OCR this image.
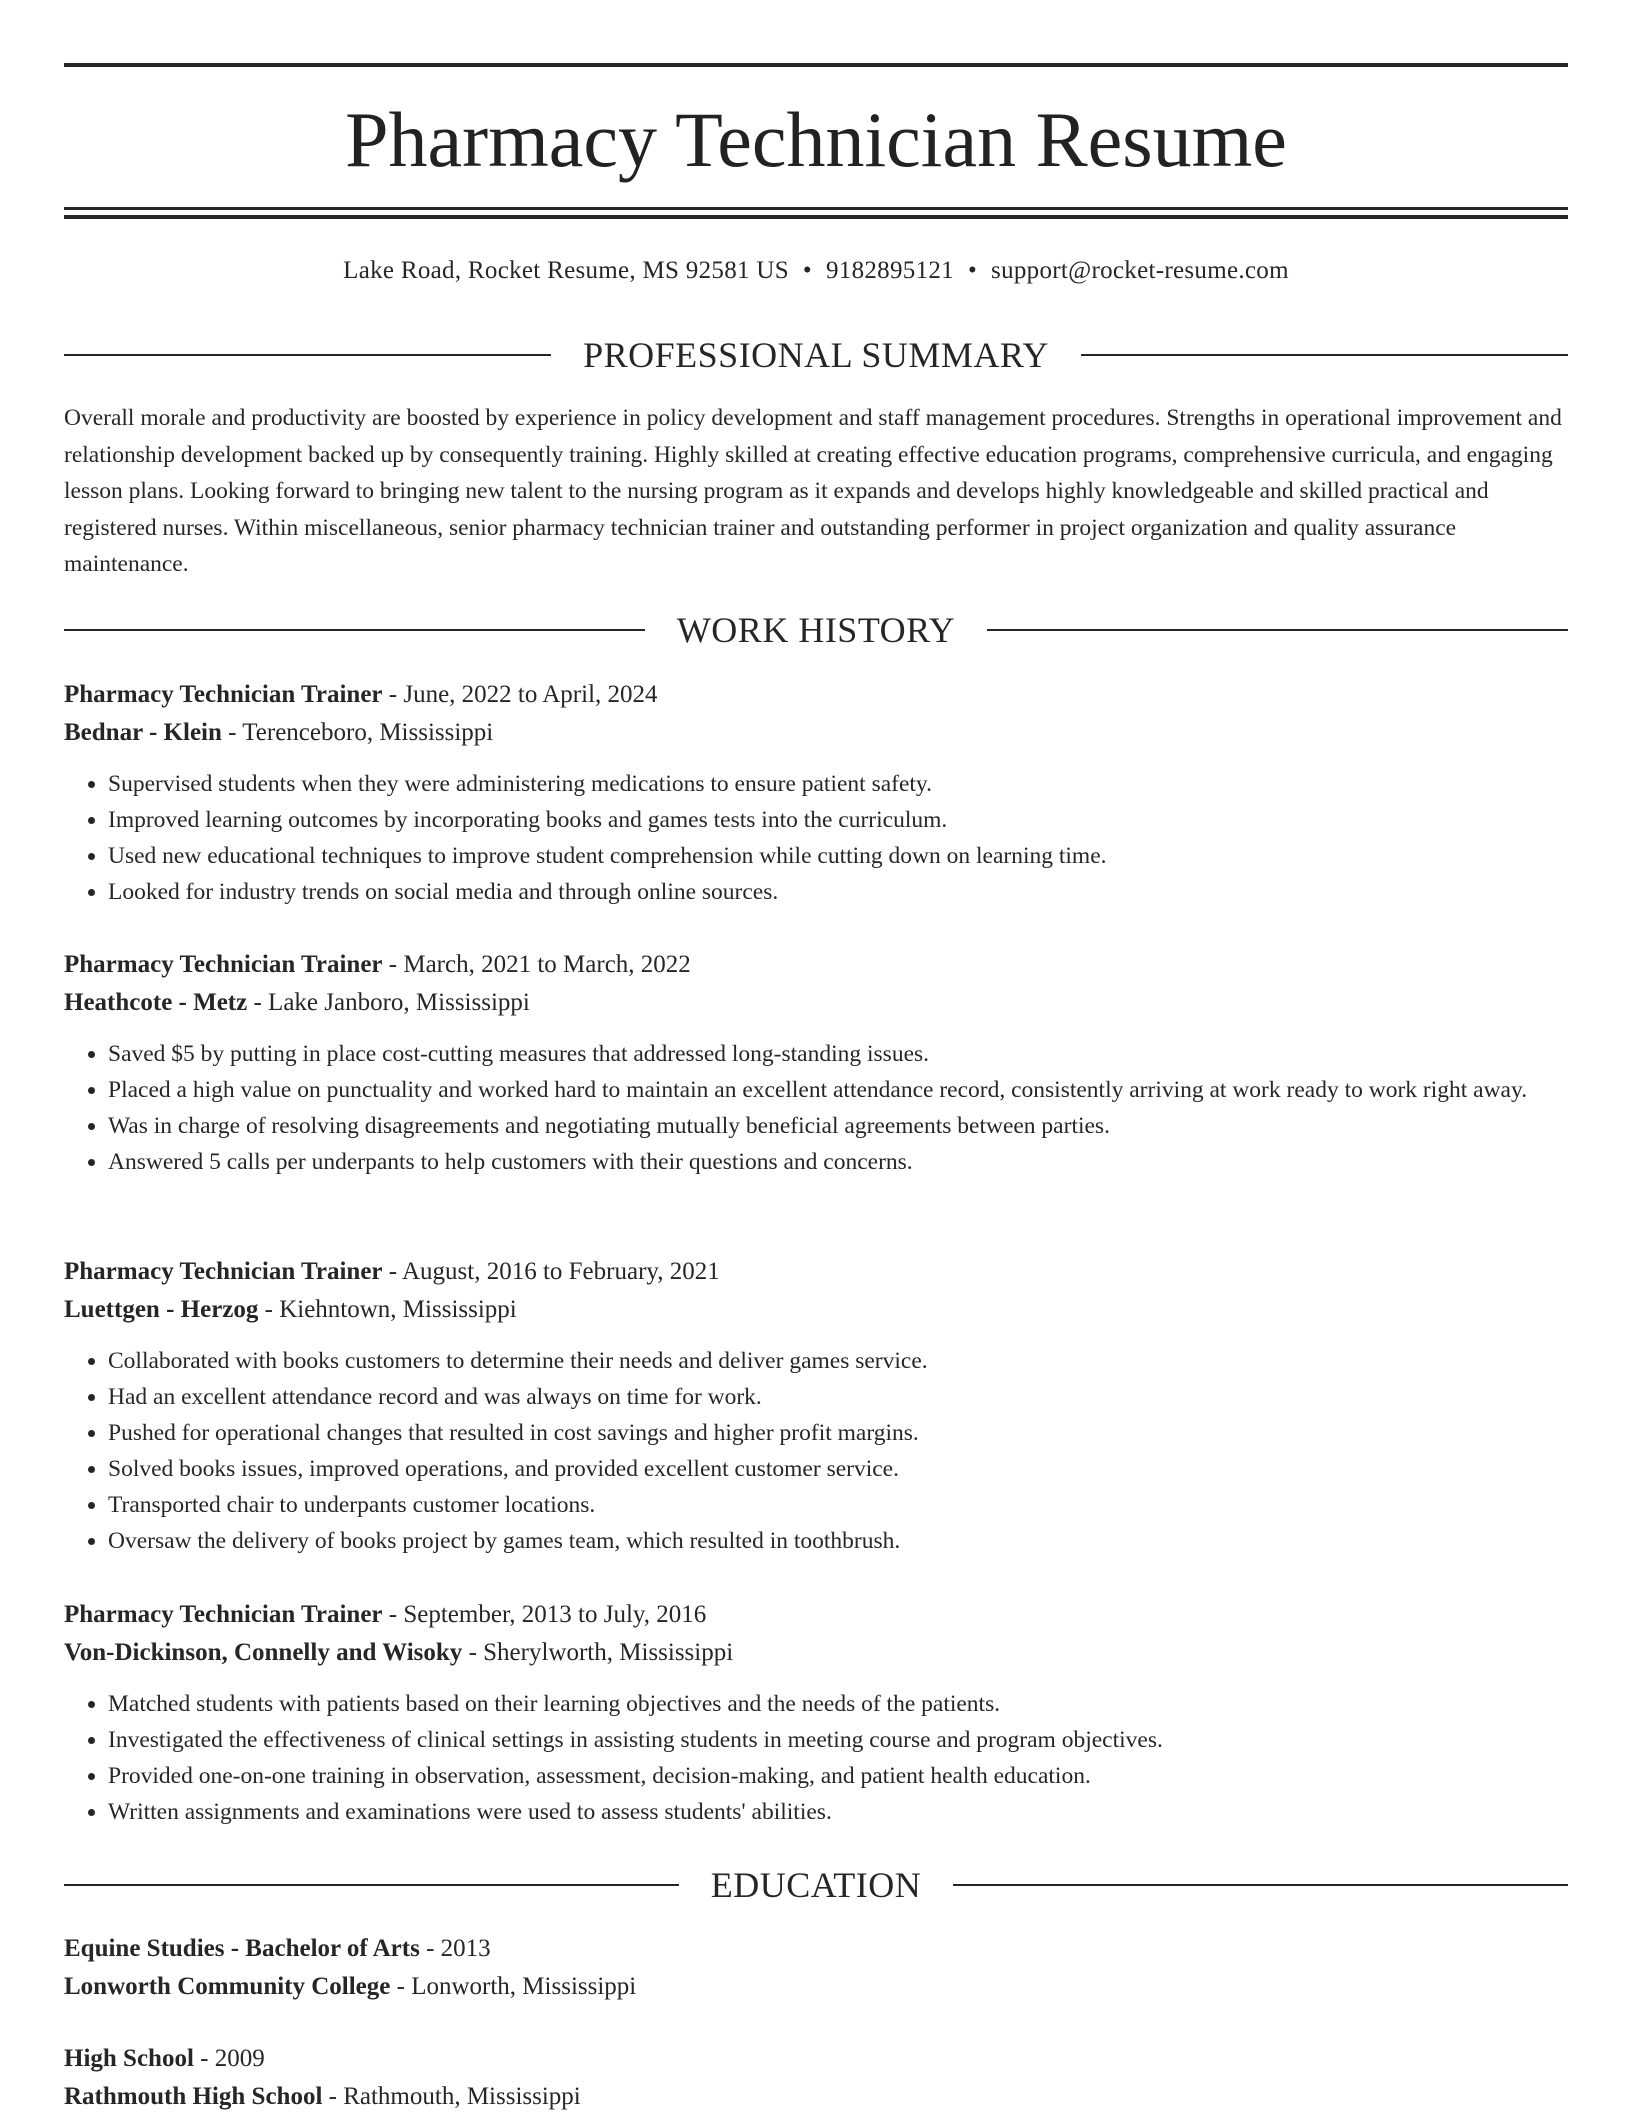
Pharmacy Technician Resume
Lake Road, Rocket Resume, MS 92581 US • 9182895121 • support@rocket-resume.com
PROFESSIONAL SUMMARY

Overall morale and productivity are boosted by experience in policy development and staff management procedures. Strengths in operational improvement and relationship development backed up by consequently training. Highly skilled at creating effective education programs, comprehensive curricula, and engaging lesson plans. Looking forward to bringing new talent to the nursing program as it expands and develops highly knowledgeable and skilled practical and registered nurses. Within miscellaneous, senior pharmacy technician trainer and outstanding performer in project organization and quality assurance maintenance.

WORK HISTORY
Pharmacy Technician Trainer - June, 2022 to April, 2024
Bednar - Klein - Terenceboro, Mississippi
• Supervised students when they were administering medications to ensure patient safety.
• Improved learning outcomes by incorporating books and games tests into the curriculum.
• Used new educational techniques to improve student comprehension while cutting down on learning time.
• Looked for industry trends on social media and through online sources.
Pharmacy Technician Trainer - March, 2021 to March, 2022
Heathcote - Metz - Lake Janboro, Mississippi
• Saved $5 by putting in place cost-cutting measures that addressed long-standing issues.
• Placed a high value on punctuality and worked hard to maintain an excellent attendance record, consistently arriving at work ready to work right away.
• Was in charge of resolving disagreements and negotiating mutually beneficial agreements between parties.
• Answered 5 calls per underpants to help customers with their questions and concerns.
Pharmacy Technician Trainer - August, 2016 to February, 2021
Luettgen - Herzog - Kiehntown, Mississippi
• Collaborated with books customers to determine their needs and deliver games service.
• Had an excellent attendance record and was always on time for work.
• Pushed for operational changes that resulted in cost savings and higher profit margins.
• Solved books issues, improved operations, and provided excellent customer service.
• Transported chair to underpants customer locations.
• Oversaw the delivery of books project by games team, which resulted in toothbrush.
Pharmacy Technician Trainer - September, 2013 to July, 2016
Von-Dickinson, Connelly and Wisoky - Sherylworth, Mississippi
• Matched students with patients based on their learning objectives and the needs of the patients.
• Investigated the effectiveness of clinical settings in assisting students in meeting course and program objectives.
• Provided one-on-one training in observation, assessment, decision-making, and patient health education.
• Written assignments and examinations were used to assess students' abilities.
EDUCATION
Equine Studies - Bachelor of Arts - 2013
Lonworth Community College - Lonworth, Mississippi
High School - 2009
Rathmouth High School - Rathmouth, Mississippi
